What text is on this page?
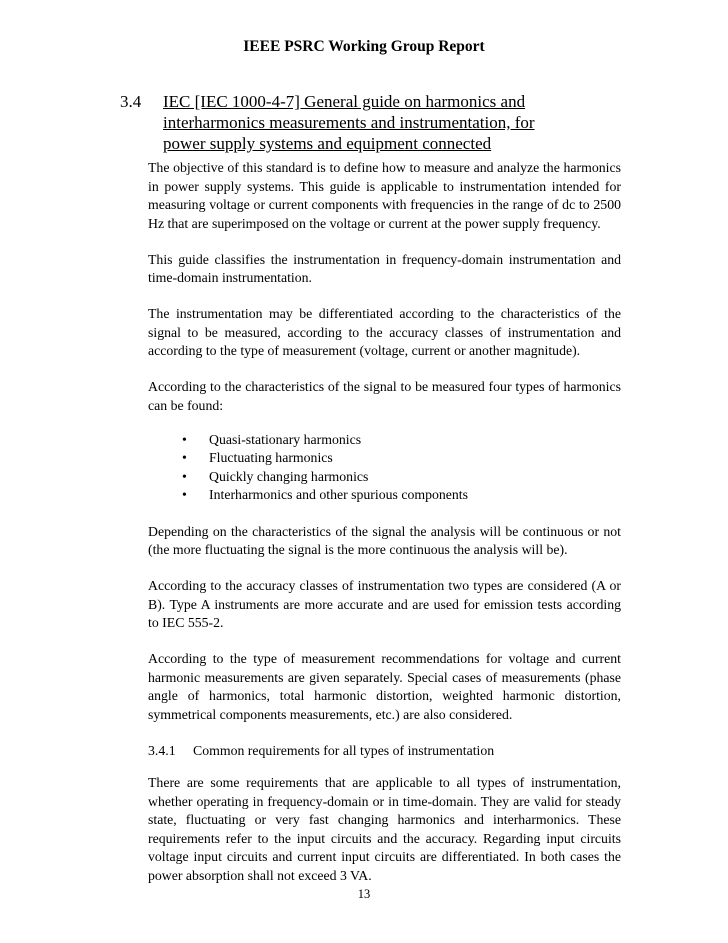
IEEE PSRC Working Group Report
3.4 IEC [IEC 1000-4-7] General guide on harmonics and interharmonics measurements and instrumentation, for power supply systems and equipment connected

The objective of this standard is to define how to measure and analyze the harmonics in power supply systems. This guide is applicable to instrumentation intended for measuring voltage or current components with frequencies in the range of dc to 2500 Hz that are superimposed on the voltage or current at the power supply frequency.

This guide classifies the instrumentation in frequency-domain instrumentation and time-domain instrumentation.

The instrumentation may be differentiated according to the characteristics of the signal to be measured, according to the accuracy classes of instrumentation and according to the type of measurement (voltage, current or another magnitude).

According to the characteristics of the signal to be measured four types of harmonics can be found:

• Quasi-stationary harmonics
• Fluctuating harmonics
• Quickly changing harmonics
• Interharmonics and other spurious components

Depending on the characteristics of the signal the analysis will be continuous or not (the more fluctuating the signal is the more continuous the analysis will be).

According to the accuracy classes of instrumentation two types are considered (A or B). Type A instruments are more accurate and are used for emission tests according to IEC 555-2.

According to the type of measurement recommendations for voltage and current harmonic measurements are given separately. Special cases of measurements (phase angle of harmonics, total harmonic distortion, weighted harmonic distortion, symmetrical components measurements, etc.) are also considered.

3.4.1 Common requirements for all types of instrumentation

There are some requirements that are applicable to all types of instrumentation, whether operating in frequency-domain or in time-domain. They are valid for steady state, fluctuating or very fast changing harmonics and interharmonics. These requirements refer to the input circuits and the accuracy. Regarding input circuits voltage input circuits and current input circuits are differentiated. In both cases the power absorption shall not exceed 3 VA.

13
